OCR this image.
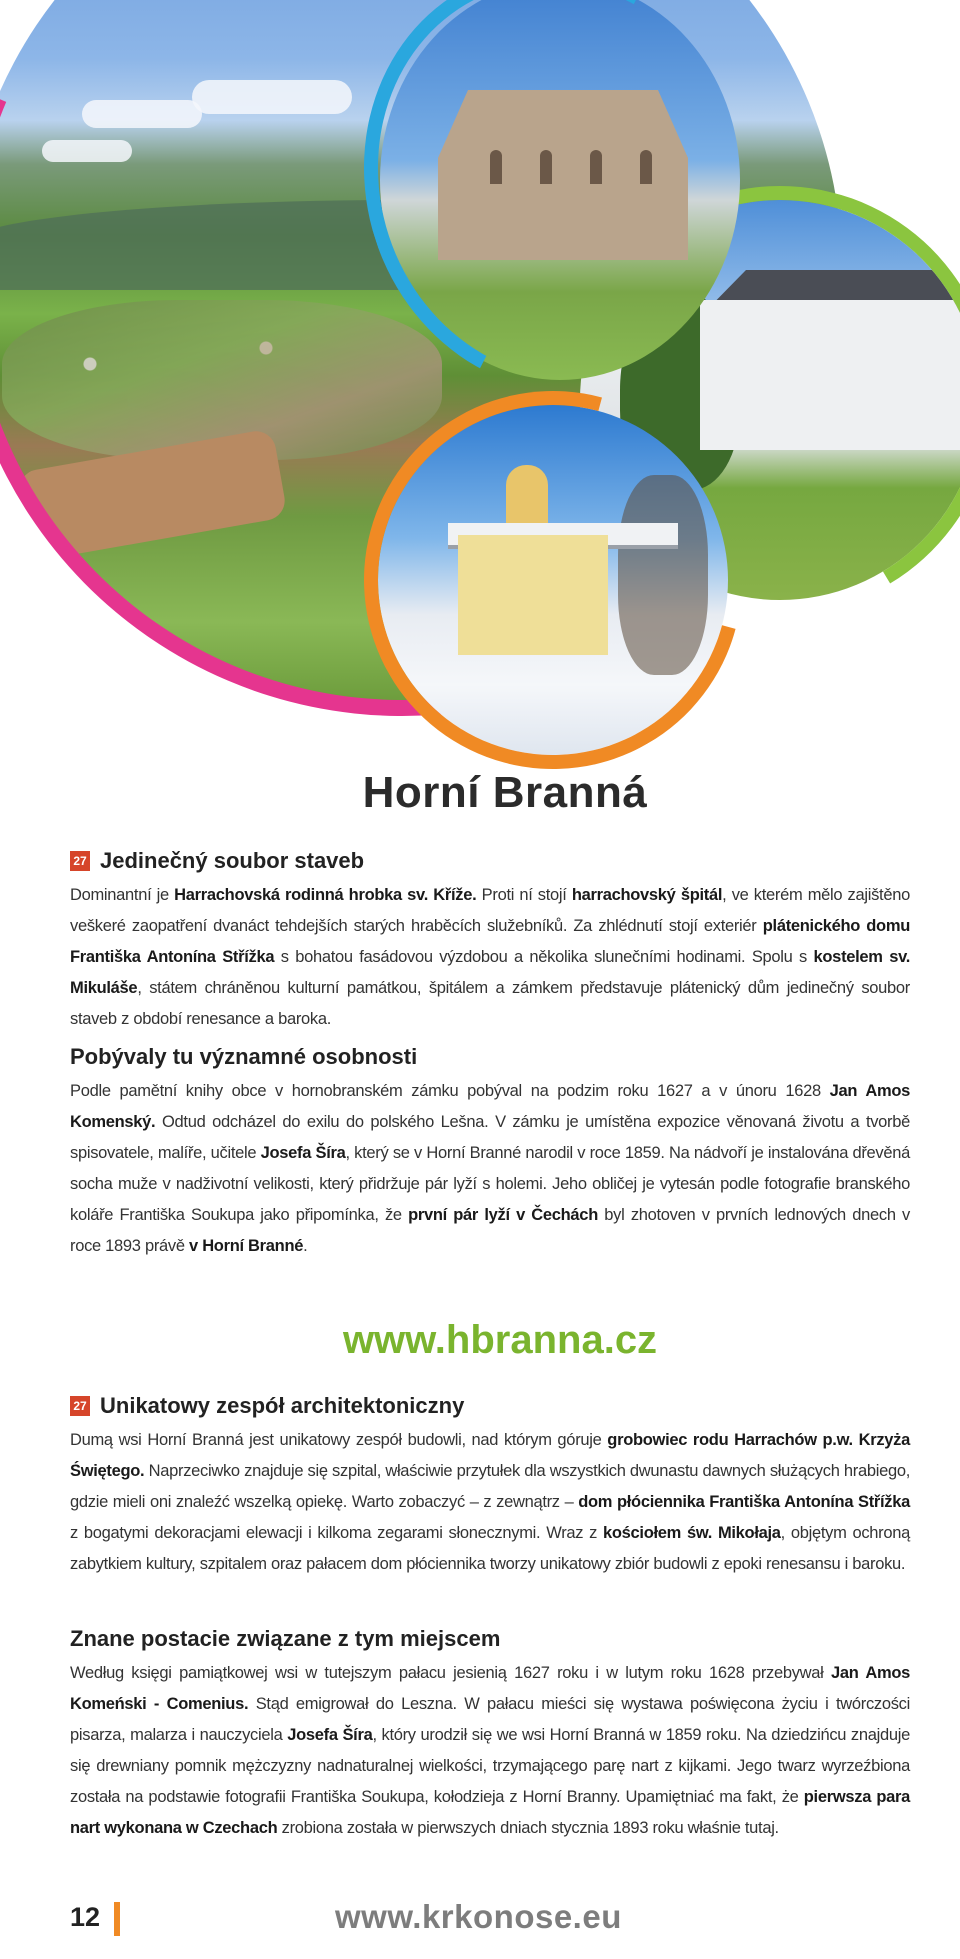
Horní Branná
27 Jedinečný soubor staveb

Dominantní je Harrachovská rodinná hrobka sv. Kříže. Proti ní stojí harrachovský špitál, ve kterém mělo zajištěno veškeré zaopatření dvanáct tehdejších starých hraběcích služebníků. Za zhlédnutí stojí exteriér plátenického domu Františka Antonína Střížka s bohatou fasádovou výzdobou a několika slunečními hodinami. Spolu s kostelem sv. Mikuláše, státem chráněnou kulturní památkou, špitálem a zámkem představuje plátenický dům jedinečný soubor staveb z období renesance a baroka.

Pobývaly tu významné osobnosti

Podle pamětní knihy obce v hornobranském zámku pobýval na podzim roku 1627 a v únoru 1628 Jan Amos Komenský. Odtud odcházel do exilu do polského Lešna. V zámku je umístěna expozice věnovaná životu a tvorbě spisovatele, malíře, učitele Josefa Šíra, který se v Horní Branné narodil v roce 1859. Na nádvoří je instalována dřevěná socha muže v nadživotní velikosti, který přidržuje pár lyží s holemi. Jeho obličej je vytesán podle fotografie branského koláře Františka Soukupa jako připomínka, že první pár lyží v Čechách byl zhotoven v prvních lednových dnech v roce 1893 právě v Horní Branné.

www.hbranna.cz
27 Unikatowy zespół architektoniczny

Dumą wsi Horní Branná jest unikatowy zespół budowli, nad którym góruje grobowiec rodu Harrachów p.w. Krzyża Świętego. Naprzeciwko znajduje się szpital, właściwie przytułek dla wszystkich dwunastu dawnych służących hrabiego, gdzie mieli oni znaleźć wszelką opiekę. Warto zobaczyć – z zewnątrz – dom płóciennika Františka Antonína Střížka z bogatymi dekoracjami elewacji i kilkoma zegarami słonecznymi. Wraz z kościołem św. Mikołaja, objętym ochroną zabytkiem kultury, szpitalem oraz pałacem dom płóciennika tworzy unikatowy zbiór budowli z epoki renesansu i baroku.

Znane postacie związane z tym miejscem

Według księgi pamiątkowej wsi w tutejszym pałacu jesienią 1627 roku i w lutym roku 1628 przebywał Jan Amos Komeński - Comenius. Stąd emigrował do Leszna. W pałacu mieści się wystawa poświęcona życiu i twórczości pisarza, malarza i nauczyciela Josefa Šíra, który urodził się we wsi Horní Branná w 1859 roku. Na dziedzińcu znajduje się drewniany pomnik mężczyzny nadnaturalnej wielkości, trzymającego parę nart z kijkami. Jego twarz wyrzeźbiona została na podstawie fotografii Františka Soukupa, kołodzieja z Horní Branny. Upamiętniać ma fakt, że pierwsza para nart wykonana w Czechach zrobiona została w pierwszych dniach stycznia 1893 roku właśnie tutaj.

12	www.krkonose.eu
